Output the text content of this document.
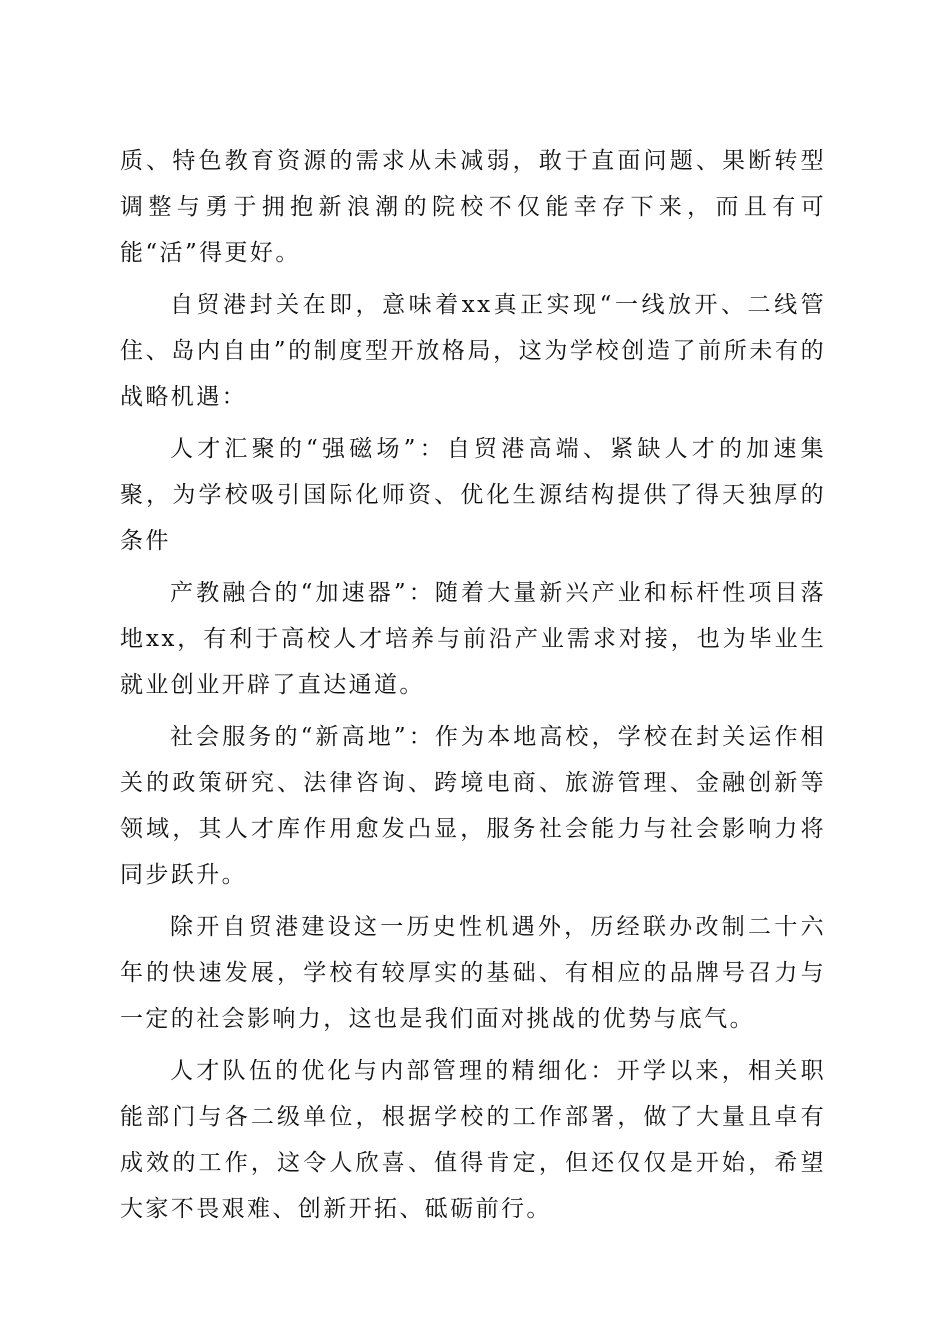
质、特色教育资源的需求从未减弱，敢于直面问题、果断转型调整与勇于拥抱新浪潮的院校不仅能幸存下来，而且有可能“活”得更好。

自贸港封关在即，意味着xx真正实现“一线放开、二线管住、岛内自由”的制度型开放格局，这为学校创造了前所未有的战略机遇：

人才汇聚的“强磁场”：自贸港高端、紧缺人才的加速集聚，为学校吸引国际化师资、优化生源结构提供了得天独厚的条件

产教融合的“加速器”：随着大量新兴产业和标杆性项目落地xx，有利于高校人才培养与前沿产业需求对接，也为毕业生就业创业开辟了直达通道。

社会服务的“新高地”：作为本地高校，学校在封关运作相关的政策研究、法律咨询、跨境电商、旅游管理、金融创新等领域，其人才库作用愈发凸显，服务社会能力与社会影响力将同步跃升。

除开自贸港建设这一历史性机遇外，历经联办改制二十六年的快速发展，学校有较厚实的基础、有相应的品牌号召力与一定的社会影响力，这也是我们面对挑战的优势与底气。

人才队伍的优化与内部管理的精细化：开学以来，相关职能部门与各二级单位，根据学校的工作部署，做了大量且卓有成效的工作，这令人欣喜、值得肯定，但还仅仅是开始，希望大家不畏艰难、创新开拓、砥砺前行。
